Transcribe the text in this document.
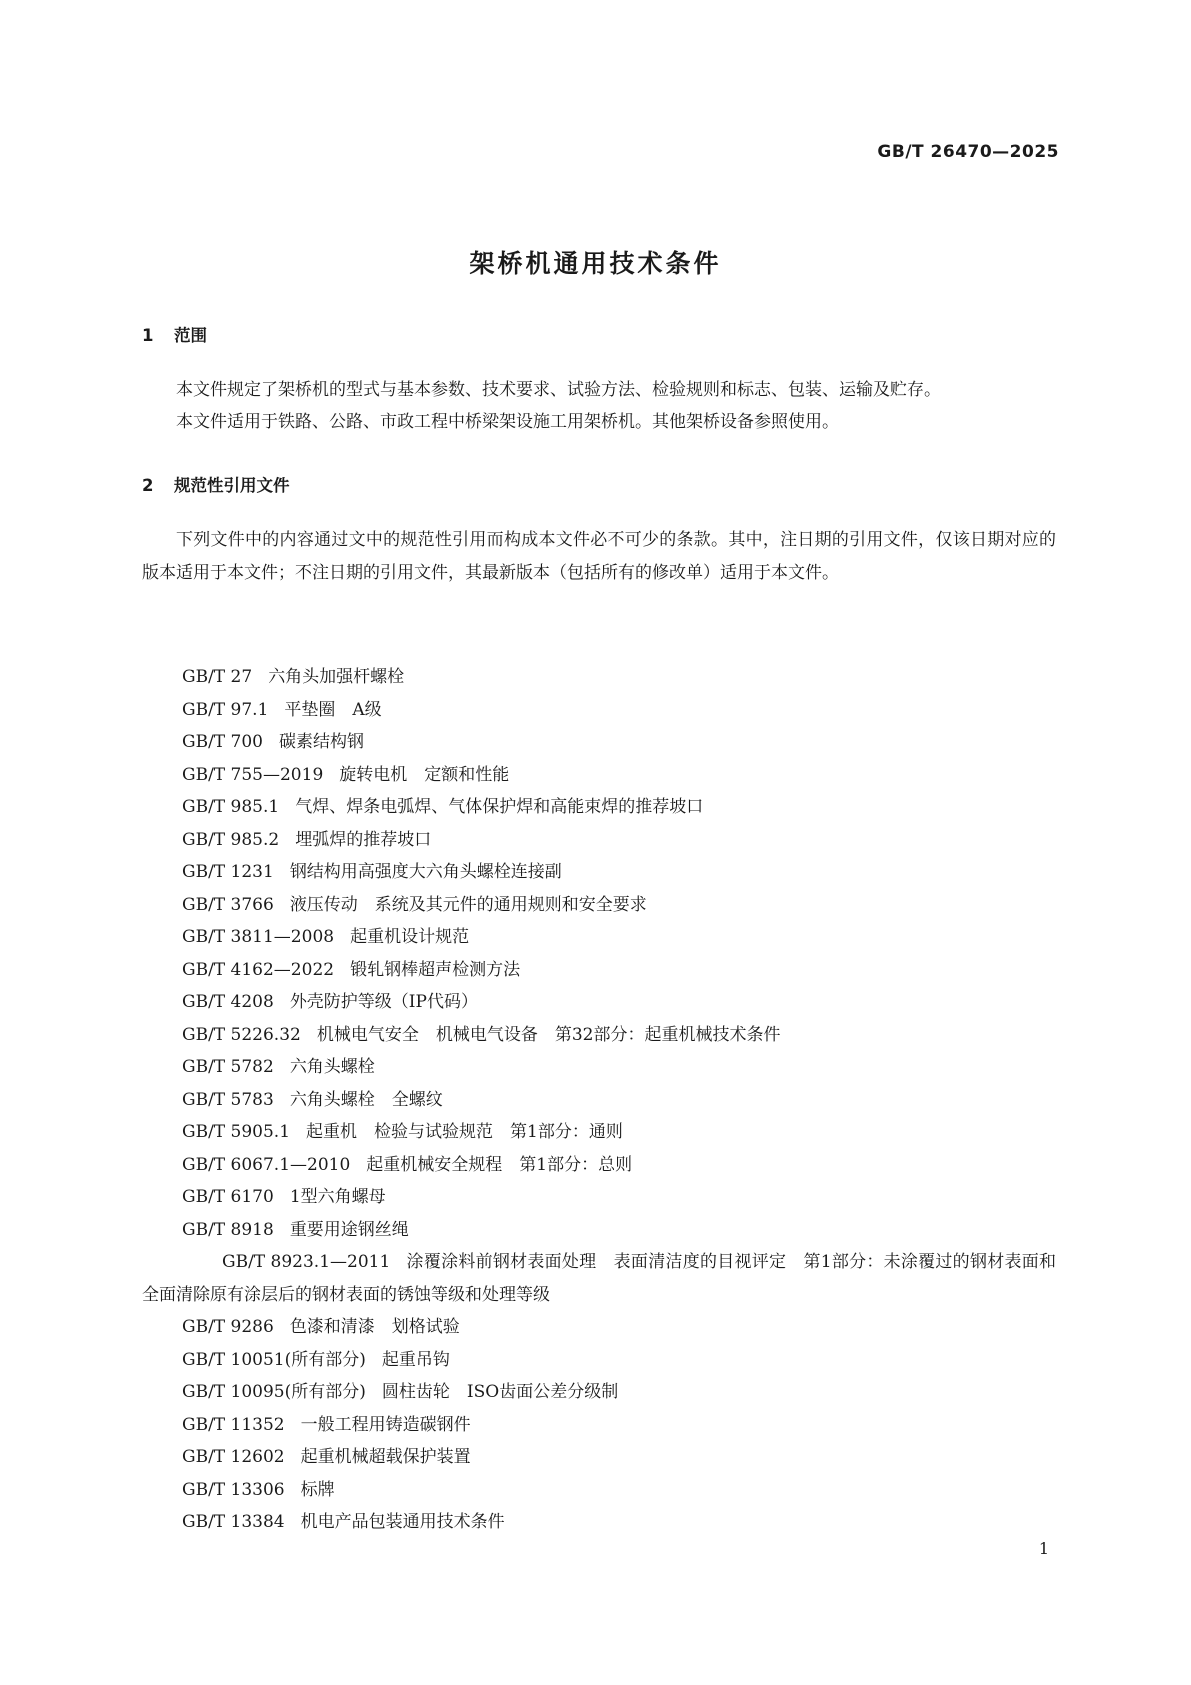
GB/T 26470—2025
架桥机通用技术条件
1 范围
本文件规定了架桥机的型式与基本参数、技术要求、试验方法、检验规则和标志、包装、运输及贮存。
本文件适用于铁路、公路、市政工程中桥梁架设施工用架桥机。其他架桥设备参照使用。
2 规范性引用文件
下列文件中的内容通过文中的规范性引用而构成本文件必不可少的条款。其中，注日期的引用文件，仅该日期对应的版本适用于本文件；不注日期的引用文件，其最新版本（包括所有的修改单）适用于本文件。
GB/T 27 六角头加强杆螺栓
GB/T 97.1 平垫圈　A级
GB/T 700 碳素结构钢
GB/T 755—2019 旋转电机　定额和性能
GB/T 985.1 气焊、焊条电弧焊、气体保护焊和高能束焊的推荐坡口
GB/T 985.2 埋弧焊的推荐坡口
GB/T 1231 钢结构用高强度大六角头螺栓连接副
GB/T 3766 液压传动　系统及其元件的通用规则和安全要求
GB/T 3811—2008 起重机设计规范
GB/T 4162—2022 锻轧钢棒超声检测方法
GB/T 4208 外壳防护等级（IP代码）
GB/T 5226.32 机械电气安全　机械电气设备　第32部分：起重机械技术条件
GB/T 5782 六角头螺栓
GB/T 5783 六角头螺栓　全螺纹
GB/T 5905.1 起重机　检验与试验规范　第1部分：通则
GB/T 6067.1—2010 起重机械安全规程　第1部分：总则
GB/T 6170 1型六角螺母
GB/T 8918 重要用途钢丝绳
GB/T 8923.1—2011 涂覆涂料前钢材表面处理　表面清洁度的目视评定　第1部分：未涂覆过的钢材表面和全面清除原有涂层后的钢材表面的锈蚀等级和处理等级
GB/T 9286 色漆和清漆　划格试验
GB/T 10051(所有部分) 起重吊钩
GB/T 10095(所有部分) 圆柱齿轮　ISO齿面公差分级制
GB/T 11352 一般工程用铸造碳钢件
GB/T 12602 起重机械超载保护装置
GB/T 13306 标牌
GB/T 13384 机电产品包装通用技术条件
1
